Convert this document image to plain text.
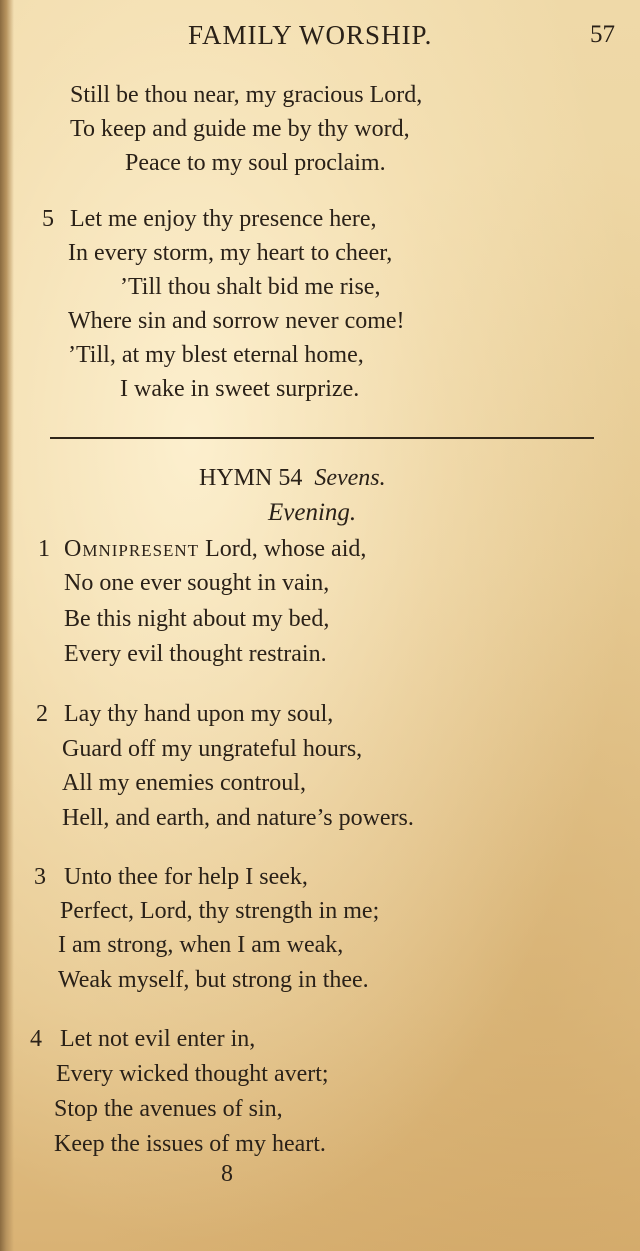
FAMILY WORSHIP.	57
Still be thou near, my gracious Lord,
To keep and guide me by thy word,
Peace to my soul proclaim.
5 Let me enjoy thy presence here,
In every storm, my heart to cheer,
’Till thou shalt bid me rise,
Where sin and sorrow never come!
’Till, at my blest eternal home,
I wake in sweet surprize.
HYMN 54 Sevens.
Evening.
1 Omnipresent Lord, whose aid,
No one ever sought in vain,
Be this night about my bed,
Every evil thought restrain.
2 Lay thy hand upon my soul,
Guard off my ungrateful hours,
All my enemies controul,
Hell, and earth, and nature’s powers.
3 Unto thee for help I seek,
Perfect, Lord, thy strength in me;
I am strong, when I am weak,
Weak myself, but strong in thee.
4 Let not evil enter in,
Every wicked thought avert;
Stop the avenues of sin,
Keep the issues of my heart.
8
